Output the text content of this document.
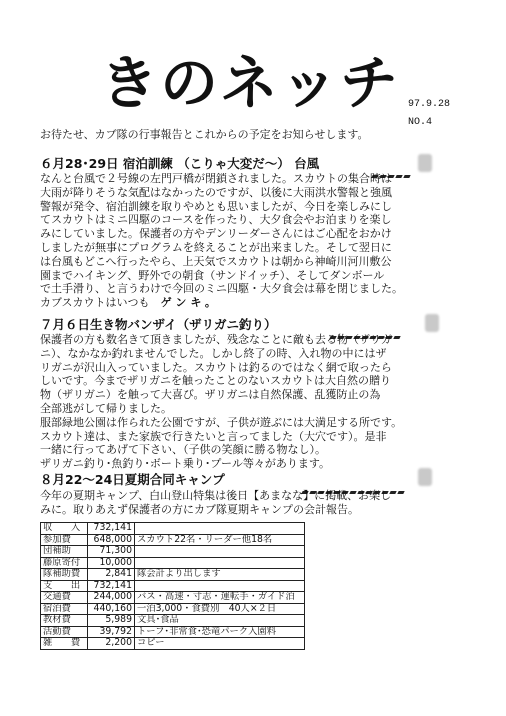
きのネッチ 97.9.28
NO.4
お待たせ、カブ隊の行事報告とこれからの予定をお知らせします。
６月28･29日 宿泊訓練 （こりゃ大変だ～） 台風
なんと台風で２号線の左門戸橋が閉鎖されました。スカウトの集合時は
大雨が降りそうな気配はなかったのですが、以後に大雨洪水警報と強風
警報が発令、宿泊訓練を取りやめとも思いましたが、今日を楽しみにし
てスカウトはミニ四駆のコースを作ったり、大夕食会やお泊まりを楽し
みにしていました。保護者の方やデンリーダーさんにはご心配をおかけ
しましたが無事にプログラムを終えることが出来ました。そして翌日に
は台風もどこへ行ったやら、上天気でスカウトは朝から神崎川河川敷公
園までハイキング、野外での朝食（サンドイッチ）、そしてダンボール
で土手滑り、と言うわけで今回のミニ四駆・大夕食会は幕を閉じました。
カブスカウトはいつも　 ゲンキ。
７月６日生き物バンザイ（ザリガニ釣り）
保護者の方も数名きて頂きましたが、残念なことに敵も去る物（ザリガ
ニ）、なかなか釣れませんでした。しかし終了の時、入れ物の中にはザ
リガニが沢山入っていました。スカウトは釣るのではなく網で取ったら
しいです。今までザリガニを触ったことのないスカウトは大自然の贈り
物（ザリガニ）を触って大喜び。ザリガニは自然保護、乱獲防止の為
全部逃がして帰りました。
服部緑地公園は作られた公園ですが、子供が遊ぶには大満足する所です。
スカウト達は、また家族で行きたいと言ってました（大穴です）。是非
一緒に行ってあげて下さい、（子供の笑顔に勝る物なし）。
ザリガニ釣り･魚釣り･ボート乗り･プール等々があります。
８月22～24日夏期合同キャンプ
今年の夏期キャンプ、白山登山特集は後日【あまなな】に掲載、お楽し
みに。取りあえず保護者の方にカブ隊夏期キャンプの会計報告。
収　　入	732,141	
参加費	648,000	スカウト22名・リーダー他18名
団補助	71,300	
藤原寄付	10,000	
隊補助費	2,841	隊会計より出します
支　　出	732,141	
交通費	244,000	バス・高速・寸志・運転手・ガイド泊
宿泊費	440,160	一泊3,000・食費別　40人×２日
教材費	5,989	文具･食品
活動費	39,792	トーフ･非常食･恐竜パーク入園料
雑　　費	2,200	コピー
